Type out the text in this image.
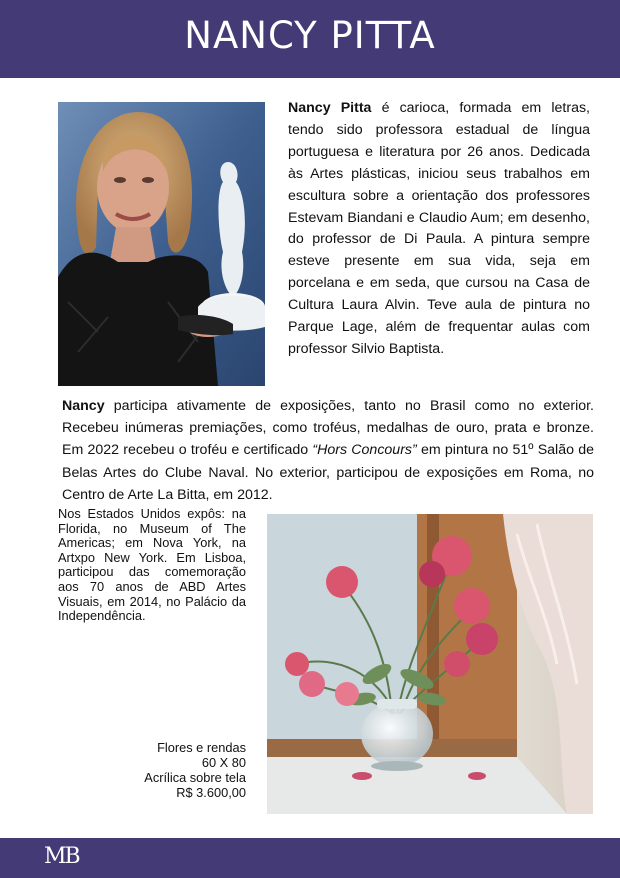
NANCY PITTA
Nancy Pitta é carioca, formada em letras, tendo sido professora estadual de língua portuguesa e literatura por 26 anos. Dedicada às Artes plásticas, iniciou seus trabalhos em escultura sobre a orientação dos professores Estevam Biandani e Claudio Aum; em desenho, do professor de Di Paula. A pintura sempre esteve presente em sua vida, seja em porcelana e em seda, que cursou na Casa de Cultura Laura Alvin. Teve aula de pintura no Parque Lage, além de frequentar aulas com professor Silvio Baptista.
Nancy participa ativamente de exposições, tanto no Brasil como no exterior. Recebeu inúmeras premiações, como troféus, medalhas de ouro, prata e bronze. Em 2022 recebeu o troféu e certificado “Hors Concours” em pintura no 51º Salão de Belas Artes do Clube Naval. No exterior, participou de exposições em Roma, no Centro de Arte La Bitta, em 2012.
Nos Estados Unidos expôs: na Florida, no Museum of The Americas; em Nova York, na Artxpo New York. Em Lisboa, participou das comemoração aos 70 anos de ABD Artes Visuais, em 2014, no Palácio da Independência.
Flores e rendas
60 X 80
Acrílica sobre tela
R$ 3.600,00
MB
